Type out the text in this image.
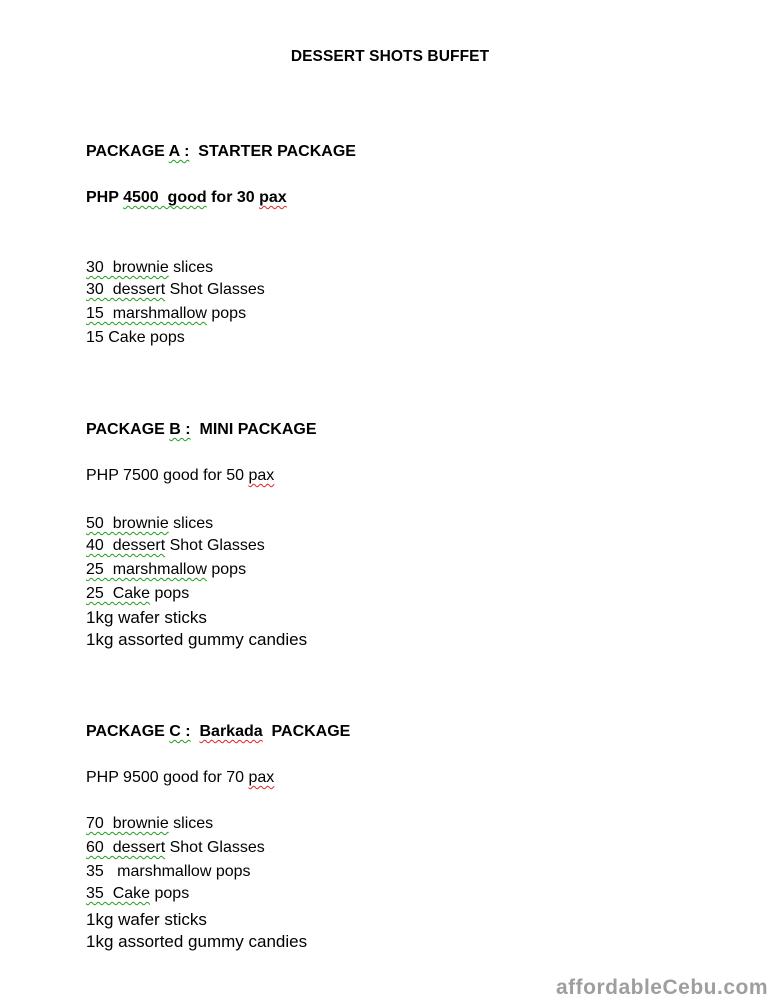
DESSERT SHOTS BUFFET
PACKAGE A :  STARTER PACKAGE
PHP 4500  good for 30 pax
30  brownie slices
30  dessert Shot Glasses
15  marshmallow pops
15 Cake pops
PACKAGE B :  MINI PACKAGE
PHP 7500 good for 50 pax
50  brownie slices
40  dessert Shot Glasses
25  marshmallow pops
25  Cake pops
1kg wafer sticks
1kg assorted gummy candies
PACKAGE C : Barkada  PACKAGE
PHP 9500 good for 70 pax
70  brownie slices
60  dessert Shot Glasses
35   marshmallow pops
35  Cake pops
1kg wafer sticks
1kg assorted gummy candies
affordableCebu.com
